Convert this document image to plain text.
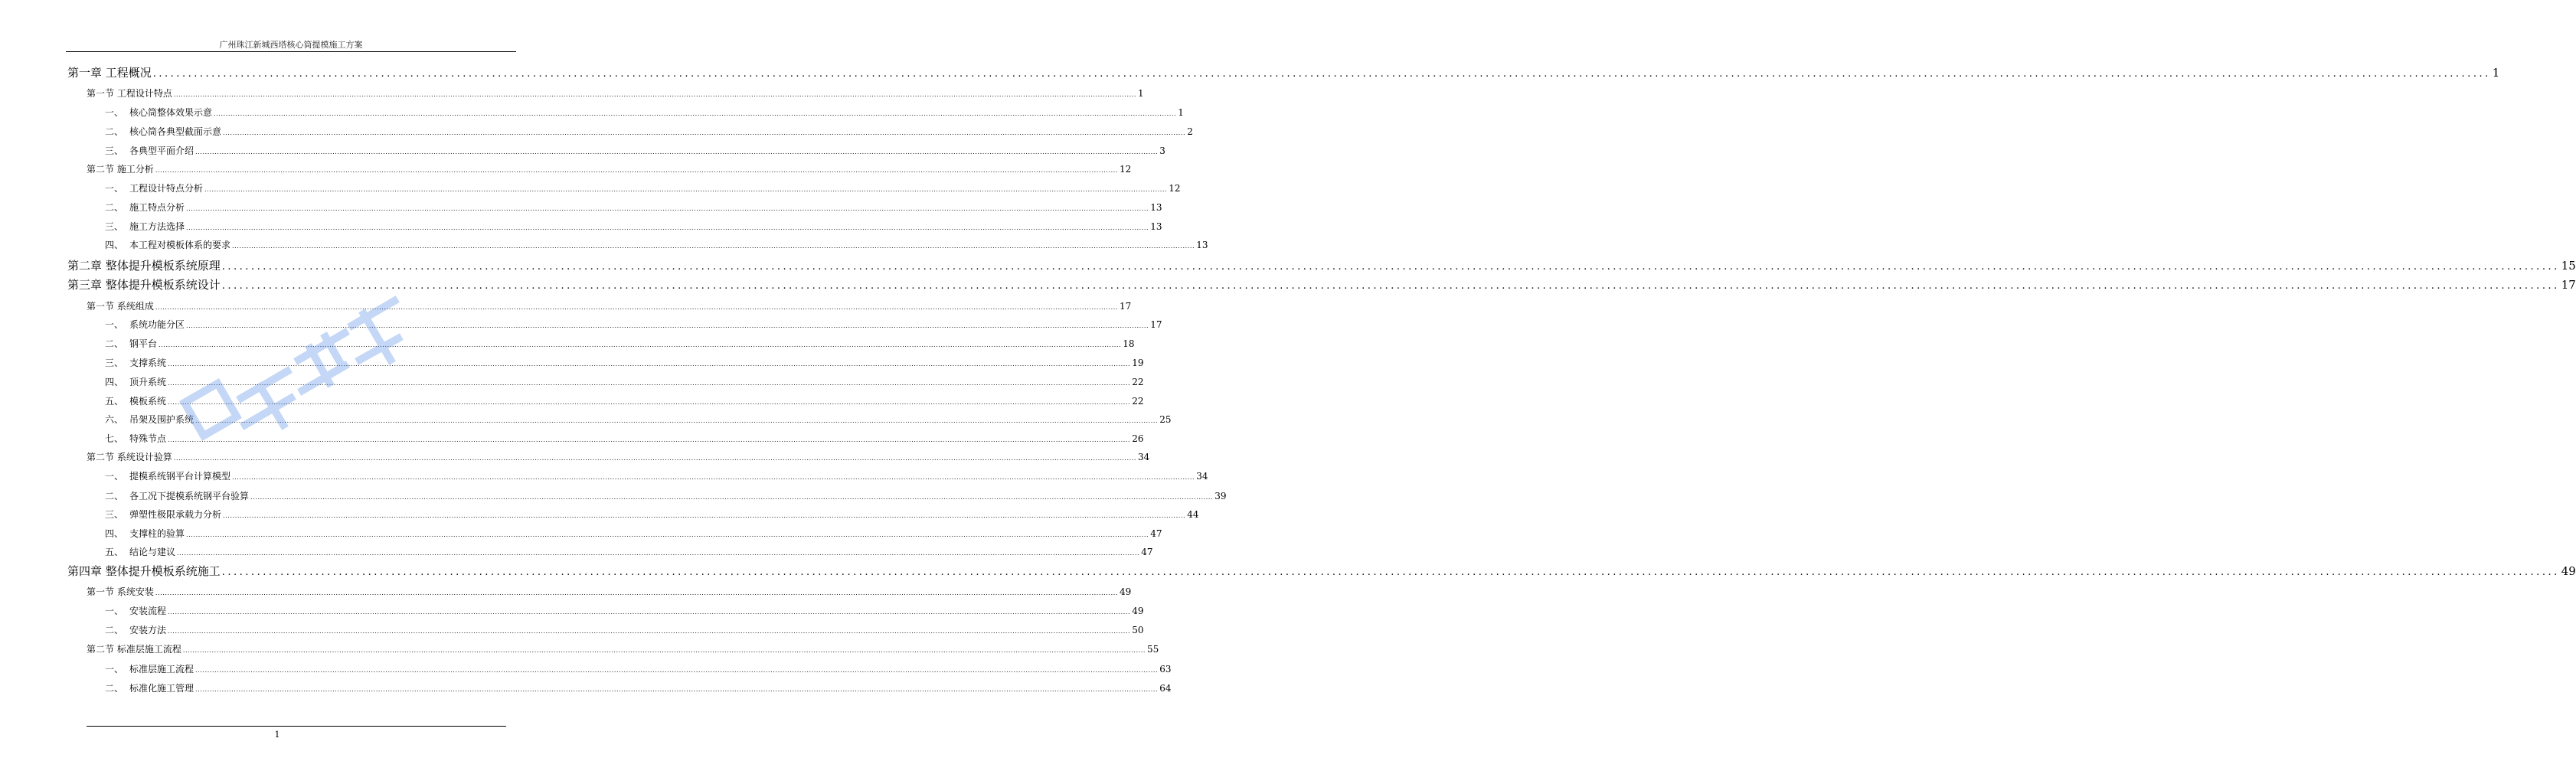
广州珠江新城西塔核心筒提模施工方案
第一章 工程概况 ................................................................................................................................................................................................................................................................................................................................................................................................................ 1
第一节 工程设计特点 ................................................................................................................................................................................................................................................................................................................................................................................................................ 1
一、 核心筒整体效果示意 ................................................................................................................................................................................................................................................................................................................................................................................................................ 1
二、 核心筒各典型截面示意 ................................................................................................................................................................................................................................................................................................................................................................................................................ 2
三、 各典型平面介绍 ................................................................................................................................................................................................................................................................................................................................................................................................................ 3
第二节 施工分析 ................................................................................................................................................................................................................................................................................................................................................................................................................ 12
一、 工程设计特点分析 ................................................................................................................................................................................................................................................................................................................................................................................................................ 12
二、 施工特点分析 ................................................................................................................................................................................................................................................................................................................................................................................................................ 13
三、 施工方法选择 ................................................................................................................................................................................................................................................................................................................................................................................................................ 13
四、 本工程对模板体系的要求 ................................................................................................................................................................................................................................................................................................................................................................................................................ 13
第二章 整体提升模板系统原理 ................................................................................................................................................................................................................................................................................................................................................................................................................ 15
第三章 整体提升模板系统设计 ................................................................................................................................................................................................................................................................................................................................................................................................................ 17
第一节 系统组成 ................................................................................................................................................................................................................................................................................................................................................................................................................ 17
一、 系统功能分区 ................................................................................................................................................................................................................................................................................................................................................................................................................ 17
二、 钢平台 ................................................................................................................................................................................................................................................................................................................................................................................................................ 18
三、 支撑系统 ................................................................................................................................................................................................................................................................................................................................................................................................................ 19
四、 顶升系统 ................................................................................................................................................................................................................................................................................................................................................................................................................ 22
五、 模板系统 ................................................................................................................................................................................................................................................................................................................................................................................................................ 22
六、 吊架及围护系统 ................................................................................................................................................................................................................................................................................................................................................................................................................ 25
七、 特殊节点 ................................................................................................................................................................................................................................................................................................................................................................................................................ 26
第二节 系统设计验算 ................................................................................................................................................................................................................................................................................................................................................................................................................ 34
一、 提模系统钢平台计算模型 ................................................................................................................................................................................................................................................................................................................................................................................................................ 34
二、 各工况下提模系统钢平台验算 ................................................................................................................................................................................................................................................................................................................................................................................................................ 39
三、 弹塑性极限承载力分析 ................................................................................................................................................................................................................................................................................................................................................................................................................ 44
四、 支撑柱的验算 ................................................................................................................................................................................................................................................................................................................................................................................................................ 47
五、 结论与建议 ................................................................................................................................................................................................................................................................................................................................................................................................................ 47
第四章 整体提升模板系统施工 ................................................................................................................................................................................................................................................................................................................................................................................................................ 49
第一节 系统安装 ................................................................................................................................................................................................................................................................................................................................................................................................................ 49
一、 安装流程 ................................................................................................................................................................................................................................................................................................................................................................................................................ 49
二、 安装方法 ................................................................................................................................................................................................................................................................................................................................................................................................................ 50
第二节 标准层施工流程 ................................................................................................................................................................................................................................................................................................................................................................................................................ 55
一、 标准层施工流程 ................................................................................................................................................................................................................................................................................................................................................................................................................ 63
二、 标准化施工管理 ................................................................................................................................................................................................................................................................................................................................................................................................................ 64
1
